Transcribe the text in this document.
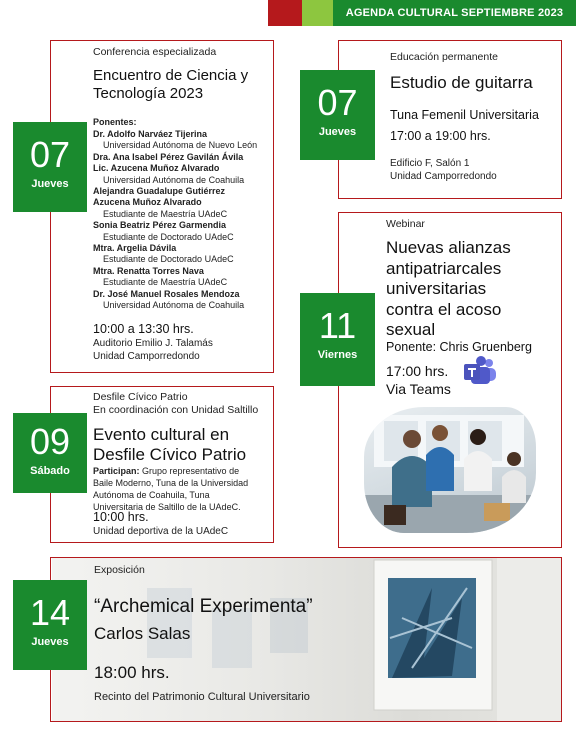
AGENDA CULTURAL SEPTIEMBRE 2023
Conferencia especializada
Encuentro de Ciencia y
Tecnología 2023
Ponentes:
Dr. Adolfo Narváez Tijerina
Universidad Autónoma de Nuevo León
Dra. Ana Isabel Pérez Gavilán Ávila
Lic. Azucena Muñoz Alvarado
Universidad Autónoma de Coahuila
Alejandra Guadalupe Gutiérrez
Azucena Muñoz Alvarado
Estudiante de Maestría UAdeC
Sonia Beatriz Pérez Garmendia
Estudiante de Doctorado UAdeC
Mtra. Argelia Dávila
Estudiante de Doctorado UAdeC
Mtra. Renatta Torres Nava
Estudiante de Maestría UAdeC
Dr. José Manuel Rosales Mendoza
Universidad Autónoma de Coahuila
10:00 a 13:30 hrs.
Auditorio Emilio J. Talamás
Unidad Camporredondo
07
Jueves
Educación permanente
Estudio de guitarra
Tuna Femenil Universitaria
17:00 a 19:00 hrs.
Edificio F, Salón 1
Unidad Camporredondo
07
Jueves
Webinar
Nuevas alianzas
antipatriarcales
universitarias
contra el acoso
sexual
Ponente: Chris Gruenberg
17:00 hrs.
Via Teams
11
Viernes
Desfile Cívico Patrio
En coordinación con Unidad Saltillo
Evento cultural en
Desfile Cívico Patrio
Participan: Grupo representativo de
Baile Moderno, Tuna de la Universidad
Autónoma de Coahuila, Tuna
Universitaria de Saltillo de la UAdeC.
10:00 hrs.
Unidad deportiva de la UAdeC
09
Sábado
Exposición
“Archemical Experimenta”
Carlos Salas
18:00 hrs.
Recinto del Patrimonio Cultural Universitario
14
Jueves
